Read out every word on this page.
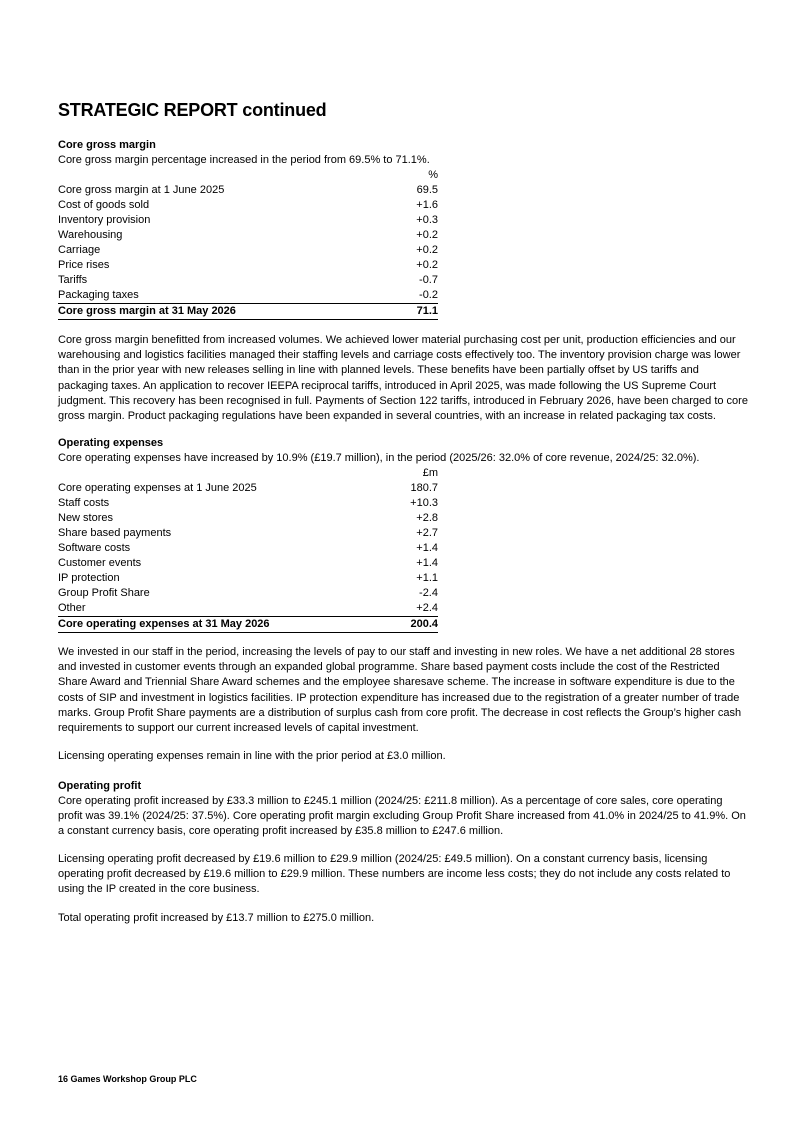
STRATEGIC REPORT continued
Core gross margin
Core gross margin percentage increased in the period from 69.5% to 71.1%.
	%
Core gross margin at 1 June 2025	69.5
Cost of goods sold	+1.6
Inventory provision	+0.3
Warehousing	+0.2
Carriage	+0.2
Price rises	+0.2
Tariffs	-0.7
Packaging taxes	-0.2
Core gross margin at 31 May 2026	71.1

Core gross margin benefitted from increased volumes. We achieved lower material purchasing cost per unit, production efficiencies and our warehousing and logistics facilities managed their staffing levels and carriage costs effectively too. The inventory provision charge was lower than in the prior year with new releases selling in line with planned levels. These benefits have been partially offset by US tariffs and packaging taxes. An application to recover IEEPA reciprocal tariffs, introduced in April 2025, was made following the US Supreme Court judgment. This recovery has been recognised in full. Payments of Section 122 tariffs, introduced in February 2026, have been charged to core gross margin. Product packaging regulations have been expanded in several countries, with an increase in related packaging tax costs.

Operating expenses
Core operating expenses have increased by 10.9% (£19.7 million), in the period (2025/26: 32.0% of core revenue, 2024/25: 32.0%).
	£m
Core operating expenses at 1 June 2025	180.7
Staff costs	+10.3
New stores	+2.8
Share based payments	+2.7
Software costs	+1.4
Customer events	+1.4
IP protection	+1.1
Group Profit Share	-2.4
Other	+2.4
Core operating expenses at 31 May 2026	200.4

We invested in our staff in the period, increasing the levels of pay to our staff and investing in new roles. We have a net additional 28 stores and invested in customer events through an expanded global programme. Share based payment costs include the cost of the Restricted Share Award and Triennial Share Award schemes and the employee sharesave scheme. The increase in software expenditure is due to the costs of SIP and investment in logistics facilities. IP protection expenditure has increased due to the registration of a greater number of trade marks. Group Profit Share payments are a distribution of surplus cash from core profit. The decrease in cost reflects the Group’s higher cash requirements to support our current increased levels of capital investment.

Licensing operating expenses remain in line with the prior period at £3.0 million.

Operating profit

Core operating profit increased by £33.3 million to £245.1 million (2024/25: £211.8 million). As a percentage of core sales, core operating profit was 39.1% (2024/25: 37.5%). Core operating profit margin excluding Group Profit Share increased from 41.0% in 2024/25 to 41.9%. On a constant currency basis, core operating profit increased by £35.8 million to £247.6 million.

Licensing operating profit decreased by £19.6 million to £29.9 million (2024/25: £49.5 million). On a constant currency basis, licensing operating profit decreased by £19.6 million to £29.9 million. These numbers are income less costs; they do not include any costs related to using the IP created in the core business.

Total operating profit increased by £13.7 million to £275.0 million.

16 Games Workshop Group PLC
